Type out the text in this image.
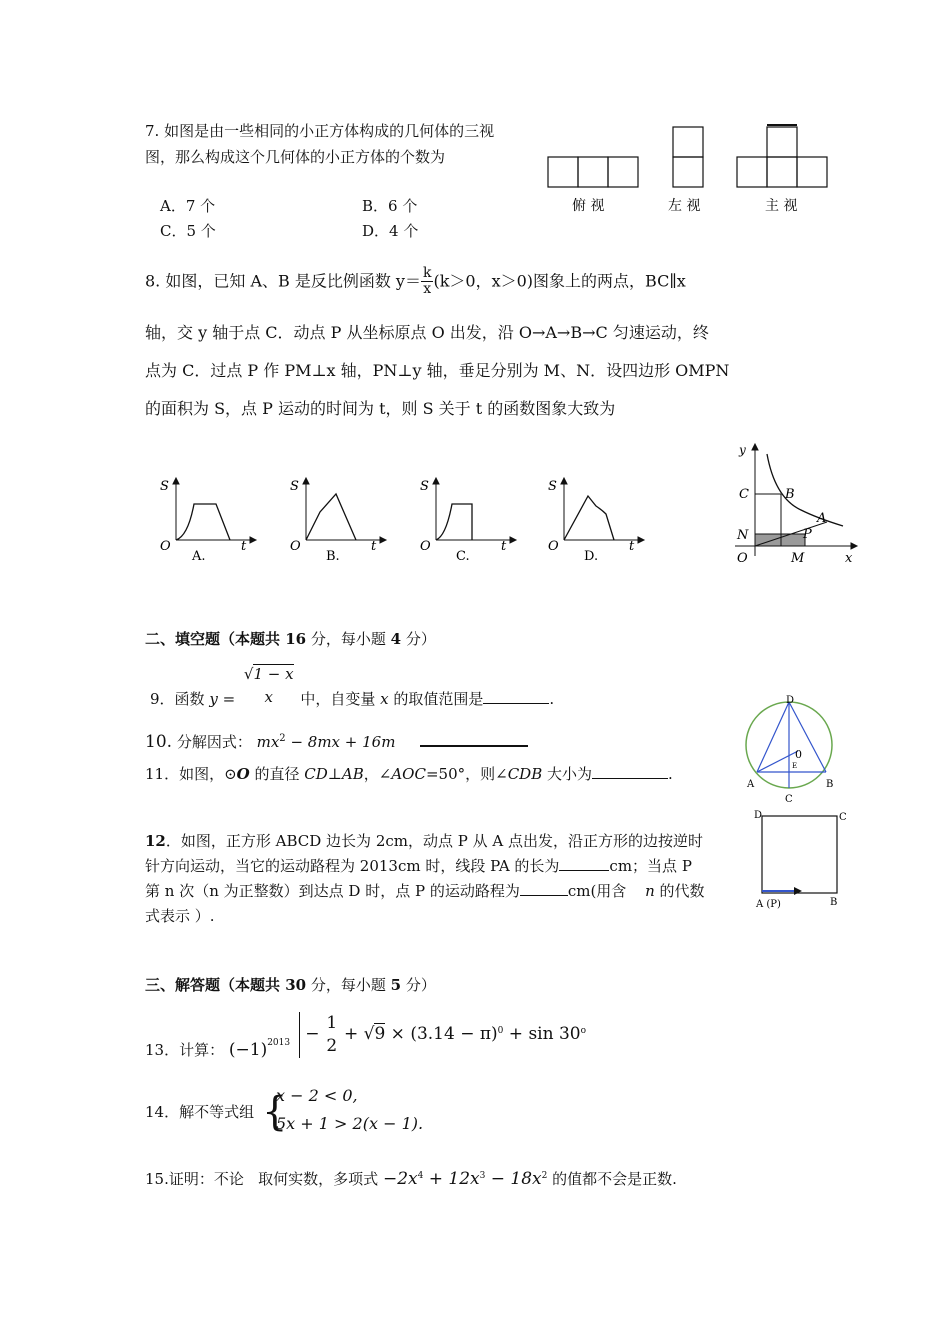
7. 如图是由一些相同的小正方体构成的几何体的三视
图，那么构成这个几何体的小正方体的个数为
A．7 个	B．6 个
C．5 个	D．4 个
俯 视	左 视	主 视
8. 如图，已知 A、B 是反比例函数 $y= \frac{k}{x} (k>0$，x＞0)图象上的两点，BC∥x
轴，交 y 轴于点 C．动点 P 从坐标原点 O 出发，沿 O→A→B→C 匀速运动，终
点为 C．过点 P 作 PM⊥x 轴，PN⊥y 轴，垂足分别为 M、N．设四边形 OMPN
的面积为 S，点 P 运动的时间为 t，则 S 关于 t 的函数图象大致为
S
O	t
A.
S
O	t
B.
S
O	t
C.
S
O	t
D.
y
C	B
A
N	P
O	M	x
二、填空题（本题共 16 分，每小题 4 分）
9．函数 y =
√1 − x
x	中，自变量 x 的取值范围是	.
10. 分解因式： $mx^2 - 8mx + 16m$
11．如图，⊙O 的直径 CD⊥AB，∠AOC=50°，则∠CDB 大小为	.
D
0
E
A	B
C
12．如图，正方形 ABCD 边长为 2cm，动点 P 从 A 点出发，沿正方形的边按逆时
针方向运动，当它的运动路程为 2013cm 时，线段 PA 的长为	cm；当点 P
第 n 次（n 为正整数）到达点 D 时，点 P 的运动路程为	cm(用含 n 的代数
式表示 ）.
D	C
A (P)	B
三、解答题（本题共 30 分，每小题 5 分）
13．计算： $(-1)^{2013}$  −
1
2
+ $√9 \times (3.14 - \pi)^0 + \sin 30^o$
14．解不等式组 {
x − 2 < 0,
5x + 1 > 2(x − 1).
15.证明：不论 取何实数，多项式 $-2x^4 + 12x^3 - 18x^2$ 的值都不会是正数.
